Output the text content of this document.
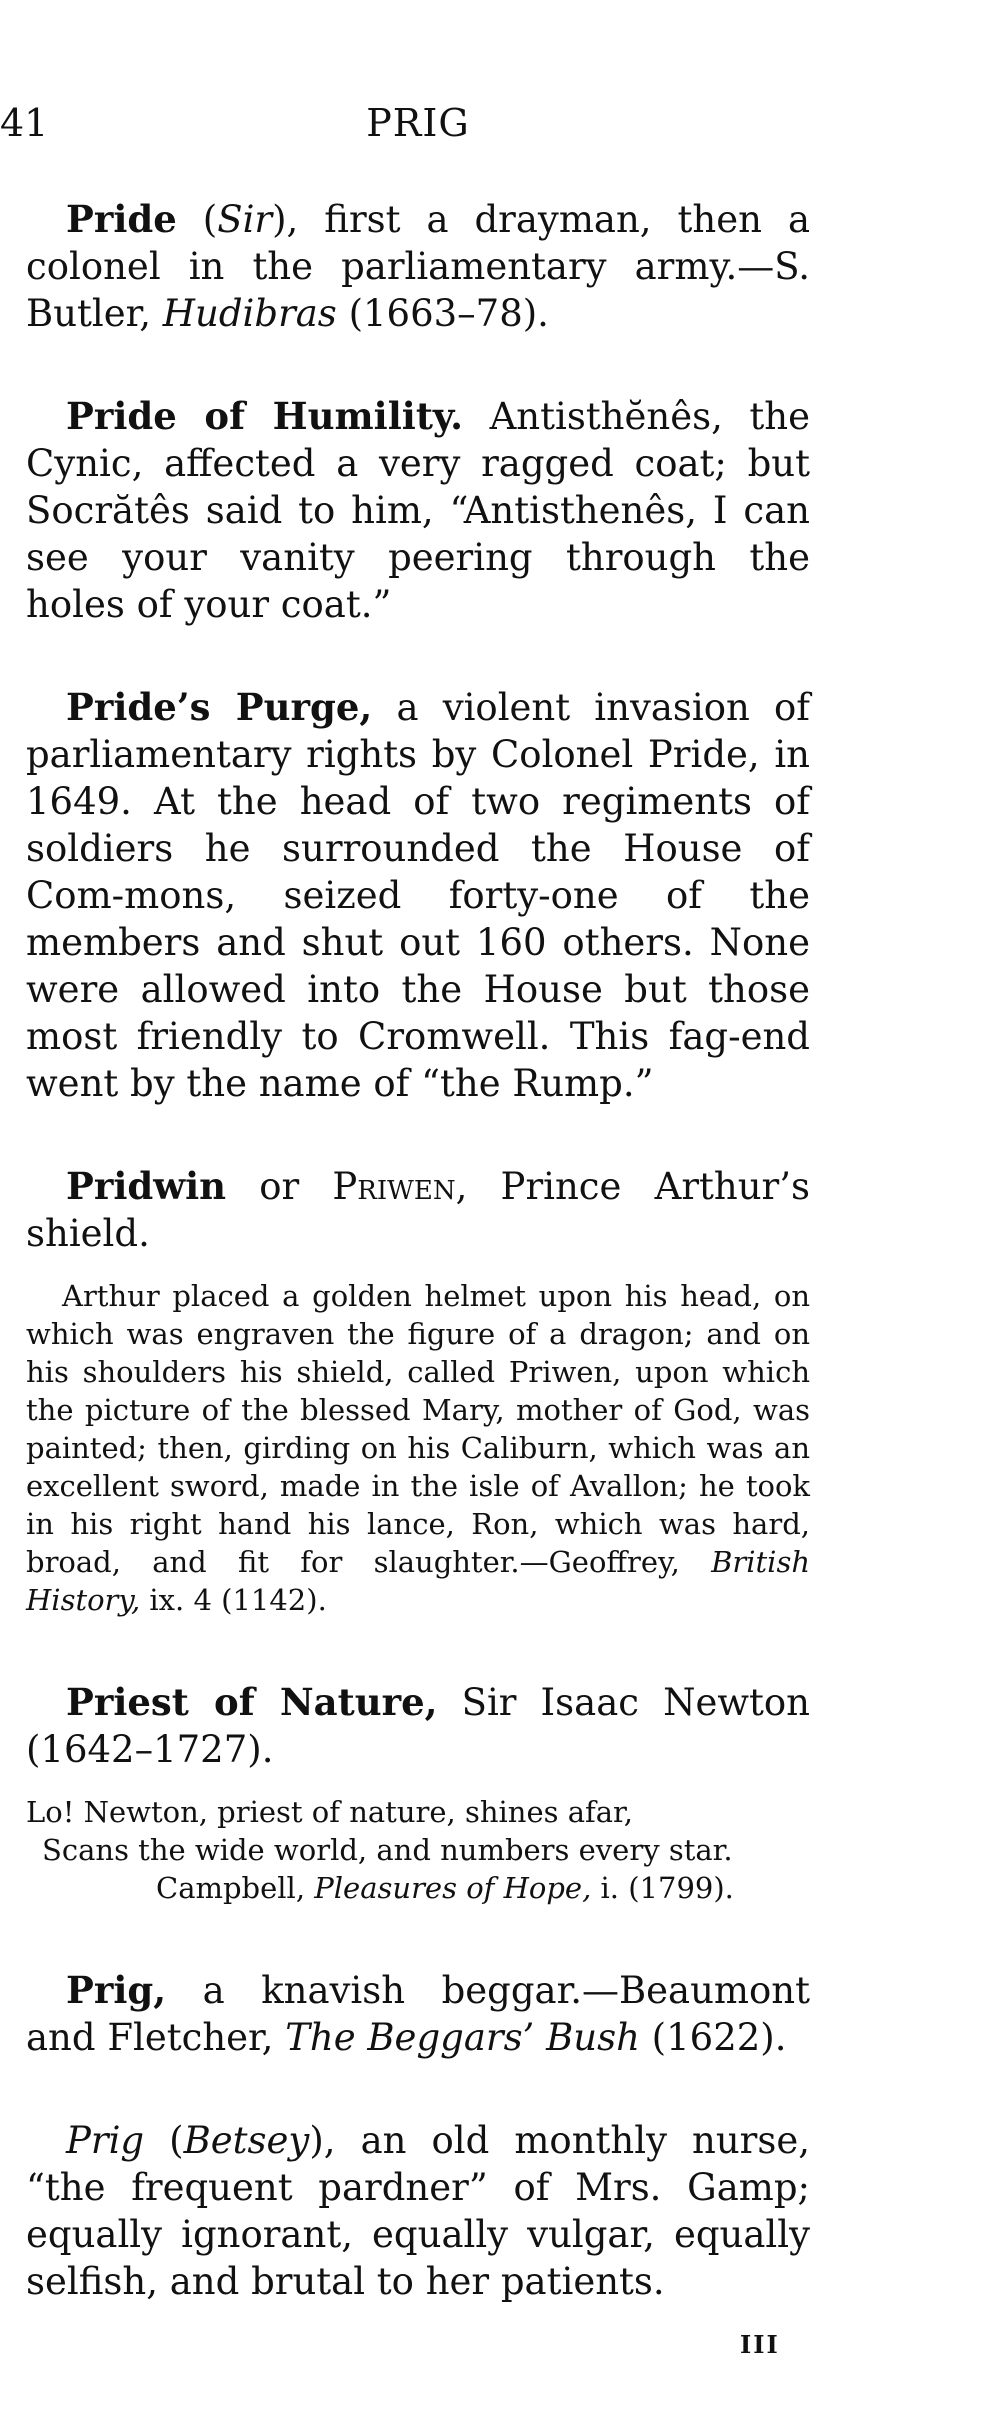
41	PRIG

Pride (Sir), first a drayman, then a colonel in the parliamentary army.—S. Butler, Hudibras (1663–78).

Pride of Humility. Antisthĕnês, the Cynic, affected a very ragged coat; but Socrătês said to him, “Antisthenês, I can see your vanity peering through the holes of your coat.”

Pride’s Purge, a violent invasion of parliamentary rights by Colonel Pride, in 1649. At the head of two regiments of soldiers he surrounded the House of Com-mons, seized forty-one of the members and shut out 160 others. None were allowed into the House but those most friendly to Cromwell. This fag-end went by the name of “the Rump.”

Pridwin or Priwen, Prince Arthur’s shield.

Arthur placed a golden helmet upon his head, on which was engraven the figure of a dragon; and on his shoulders his shield, called Priwen, upon which the picture of the blessed Mary, mother of God, was painted; then, girding on his Caliburn, which was an excellent sword, made in the isle of Avallon; he took in his right hand his lance, Ron, which was hard, broad, and fit for slaughter.—Geoffrey, British History, ix. 4 (1142).

Priest of Nature, Sir Isaac Newton (1642–1727).

Lo! Newton, priest of nature, shines afar,
Scans the wide world, and numbers every star.
Campbell, Pleasures of Hope, i. (1799).

Prig, a knavish beggar.—Beaumont and Fletcher, The Beggars’ Bush (1622).

Prig (Betsey), an old monthly nurse, “the frequent pardner” of Mrs. Gamp; equally ignorant, equally vulgar, equally selfish, and brutal to her patients.

III
